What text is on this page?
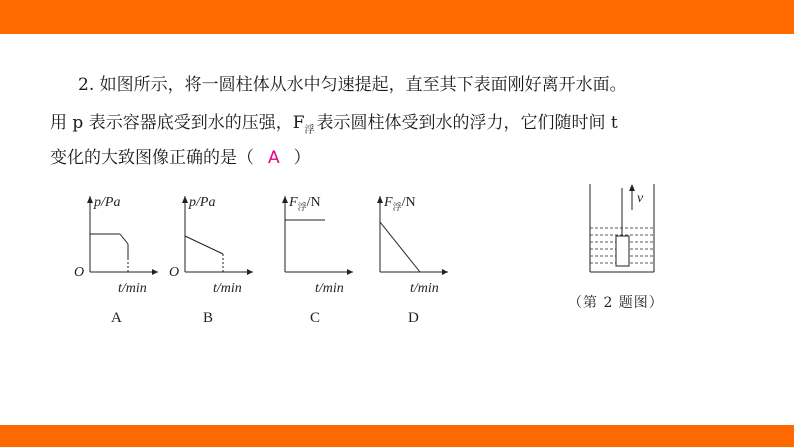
2. 如图所示，将一圆柱体从水中匀速提起，直至其下表面刚好离开水面。
用 p 表示容器底受到水的压强，$F_浮$ 表示圆柱体受到水的浮力，它们随时间 t
变化的大致图像正确的是（ A ）
p/Pa
O
t/min
p/Pa
O
t/min
$F_浮/N$
t/min
$F_浮/N$
t/min
A	B	C	D
v
（第 2 题图）
